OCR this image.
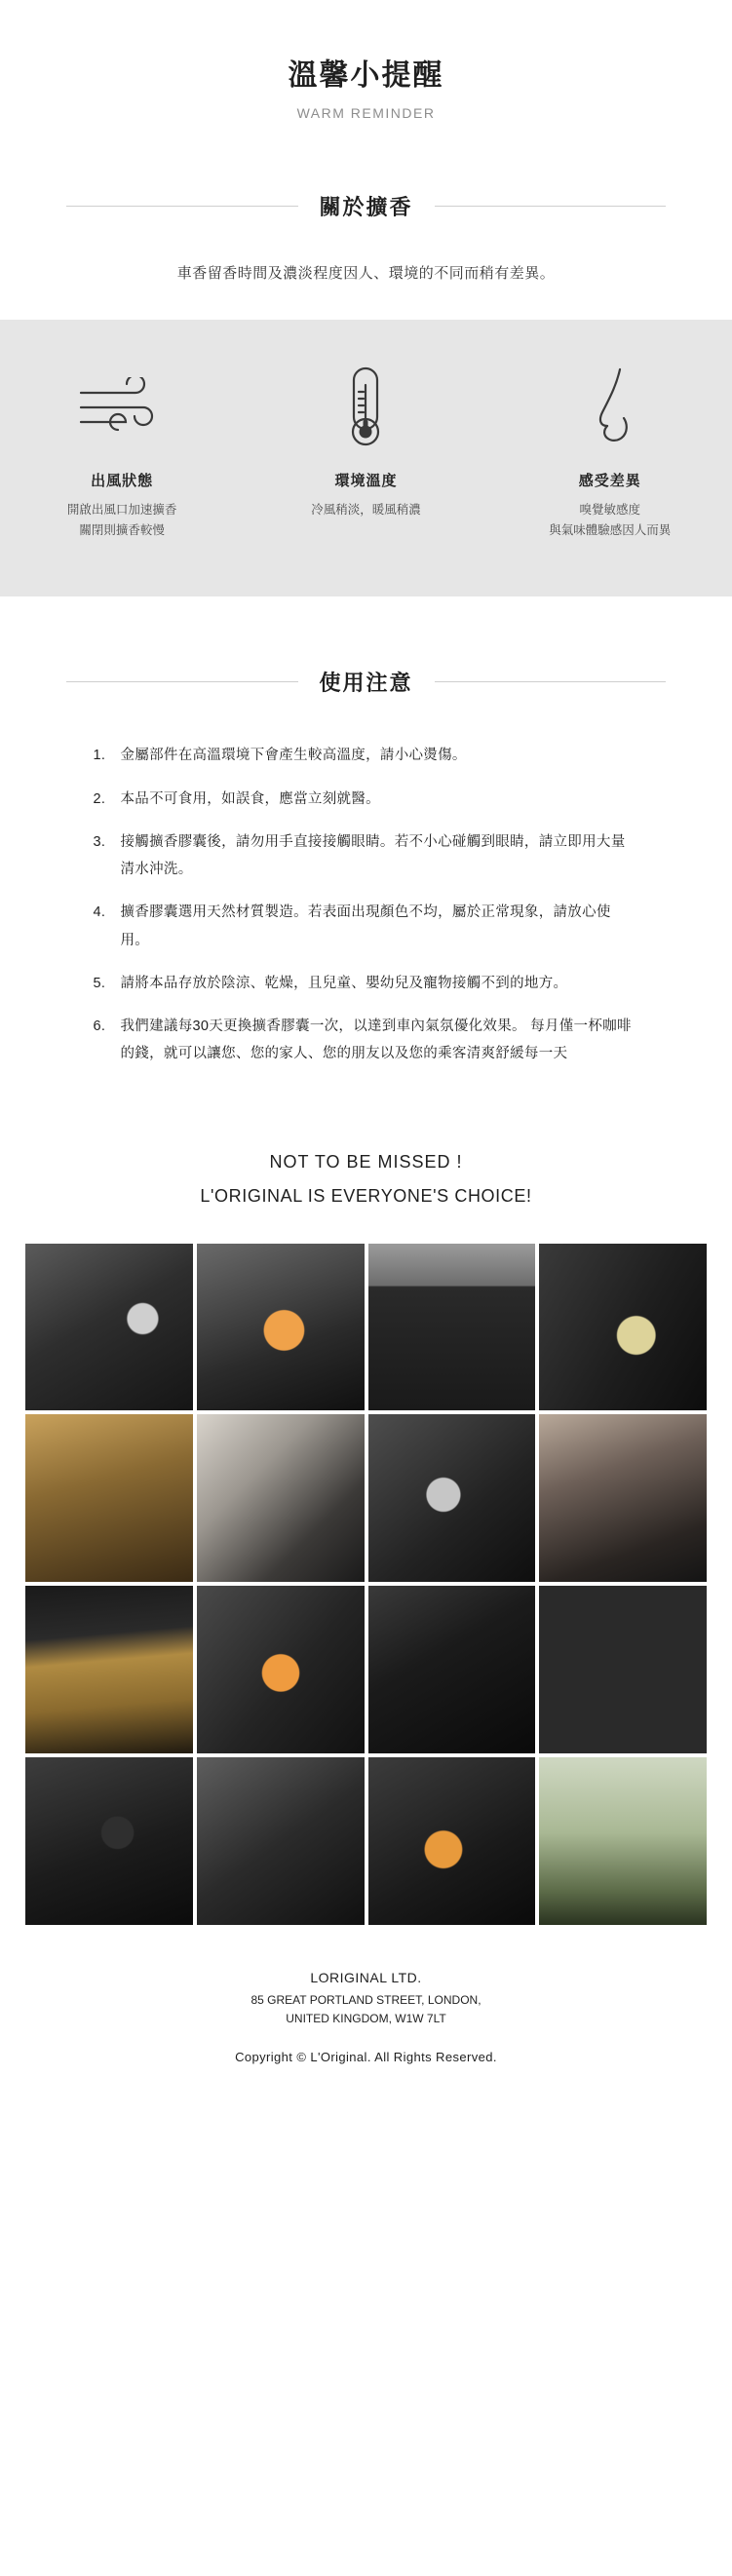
溫馨小提醒
WARM REMINDER
關於擴香
車香留香時間及濃淡程度因人、環境的不同而稍有差異。
出風狀態
開啟出風口加速擴香
關閉則擴香較慢
環境溫度
冷風稍淡，暖風稍濃
感受差異
嗅覺敏感度
與氣味體驗感因人而異
使用注意
1.	金屬部件在高溫環境下會產生較高溫度，請小心燙傷。
2.	本品不可食用，如誤食，應當立刻就醫。
3.	接觸擴香膠囊後，請勿用手直接接觸眼睛。若不小心碰觸到眼睛，請立即用大量清水沖洗。
4.	擴香膠囊選用天然材質製造。若表面出現顏色不均，屬於正常現象，請放心使用。
5.	請將本品存放於陰涼、乾燥，且兒童、嬰幼兒及寵物接觸不到的地方。
6.	我們建議每30天更換擴香膠囊一次，以達到車內氣氛優化效果。 每月僅一杯咖啡的錢，就可以讓您、您的家人、您的朋友以及您的乘客清爽舒緩每一天
NOT TO BE MISSED !
L'ORIGINAL IS EVERYONE'S CHOICE!
LORIGINAL LTD.
85 GREAT PORTLAND STREET, LONDON,
UNITED KINGDOM, W1W 7LT
Copyright © L'Original. All Rights Reserved.
